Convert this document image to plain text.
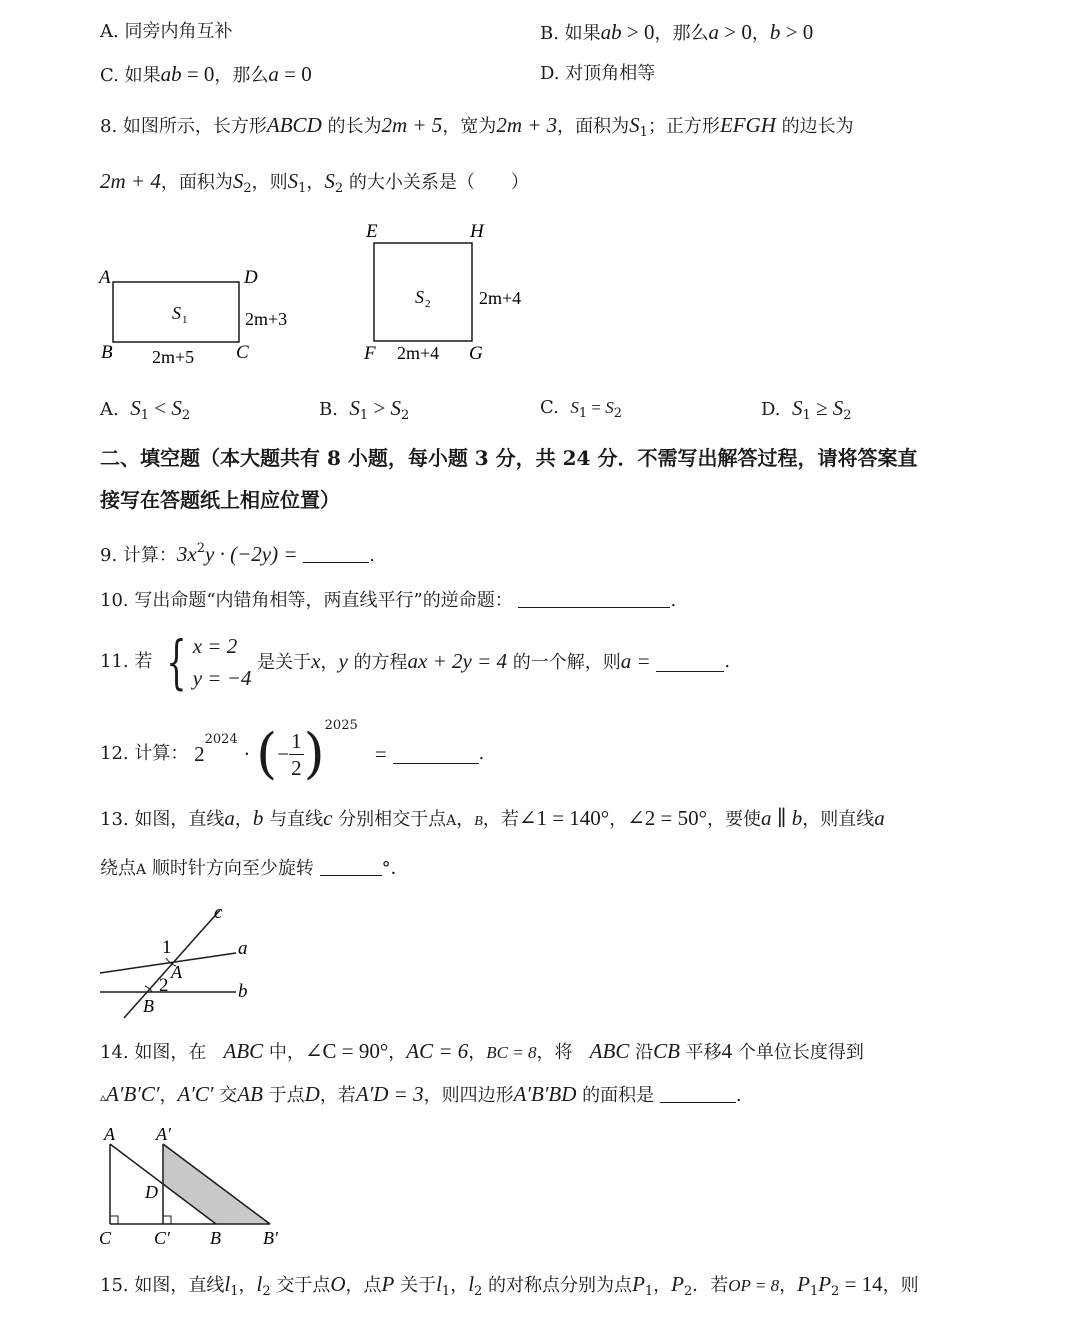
A. 同旁内角互补	B. 如果ab > 0，那么a > 0，b > 0
C. 如果ab = 0，那么a = 0	D. 对顶角相等
8. 如图所示，长方形ABCD 的长为2m + 5，宽为2m + 3，面积为$S_1$；正方形EFGH 的边长为
2m + 4，面积为$S_2$，则$S_1$，$S_2$ 的大小关系是（　　）
A	D
B	C
S 1
2m+5
2m+3
E	H
F	G
S 2
2m+4
2m+4
A. $S_1 < S_2$	B. $S_1 > S_2$	C. $S_1 = S_2$	D. $S_1 \ge S_2$
二、填空题（本大题共有 8 小题，每小题 3 分，共 24 分．不需写出解答过程，请将答案直
接写在答题纸上相应位置）
9. 计算：$3x^2y \cdot (-2y)$ =	.
10. 写出命题“内错角相等，两直线平行”的逆命题：	.
11. 若 { x = 2
y = −4
是关于x，y 的方程ax + 2y = 4 的一个解，则a =	.
12. 计算： $2^{2024}$ · (− $\frac{1}{2} )^{2025}$   =	.
13. 如图，直线a，b 与直线c 分别相交于点A，B，若∠1 = 140°，∠2 = 50°，要使a ∥ b，则直线a
绕点A 顺时针方向至少旋转	°．
c
a
b
1
A
2
B
14. 如图，在 ABC 中，∠C = 90°，AC = 6，BC = 8，将 ABC 沿CB 平移4 个单位长度得到
▵A′B′C′，A′C′ 交AB 于点D，若A′D = 3，则四边形A′B′BD 的面积是	.
A A′
D
C C′ B B′
15. 如图，直线$l_1$，$l_2$ 交于点O，点P 关于$l_1$，$l_2$ 的对称点分别为点$P_1$，$P_2$．若OP = 8，$P_1P_2 = 14$，则
